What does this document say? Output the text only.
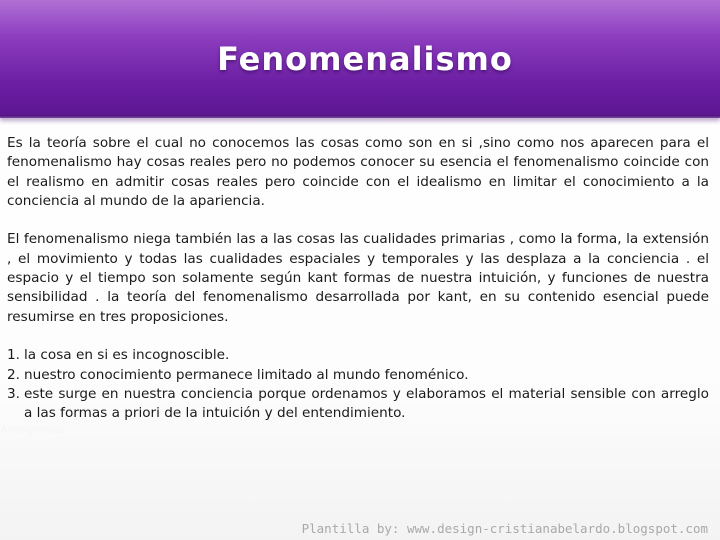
Fenomenalismo

Es la teoría sobre el cual no conocemos las cosas como son en si ,sino como nos aparecen para el fenomenalismo hay cosas reales pero no podemos conocer su esencia el fenomenalismo coincide con el realismo en admitir cosas reales pero coincide con el idealismo en limitar el conocimiento a la conciencia al mundo de la apariencia.

El fenomenalismo niega también las a las cosas las cualidades primarias , como la forma, la extensión , el movimiento y todas las cualidades espaciales y temporales y las desplaza a la conciencia . el espacio y el tiempo son solamente según kant formas de nuestra intuición, y funciones de nuestra sensibilidad . la teoría del fenomenalismo desarrollada por kant, en su contenido esencial puede resumirse en tres proposiciones.

1. la cosa en si es incognoscible.
2. nuestro conocimiento permanece limitado al mundo fenoménico.
3. este surge en nuestra conciencia porque ordenamos y elaboramos el material sensible con arreglo a las formas a priori de la intuición y del entendimiento.
Anonymous
Plantilla by: www.design-cristianabelardo.blogspot.com
